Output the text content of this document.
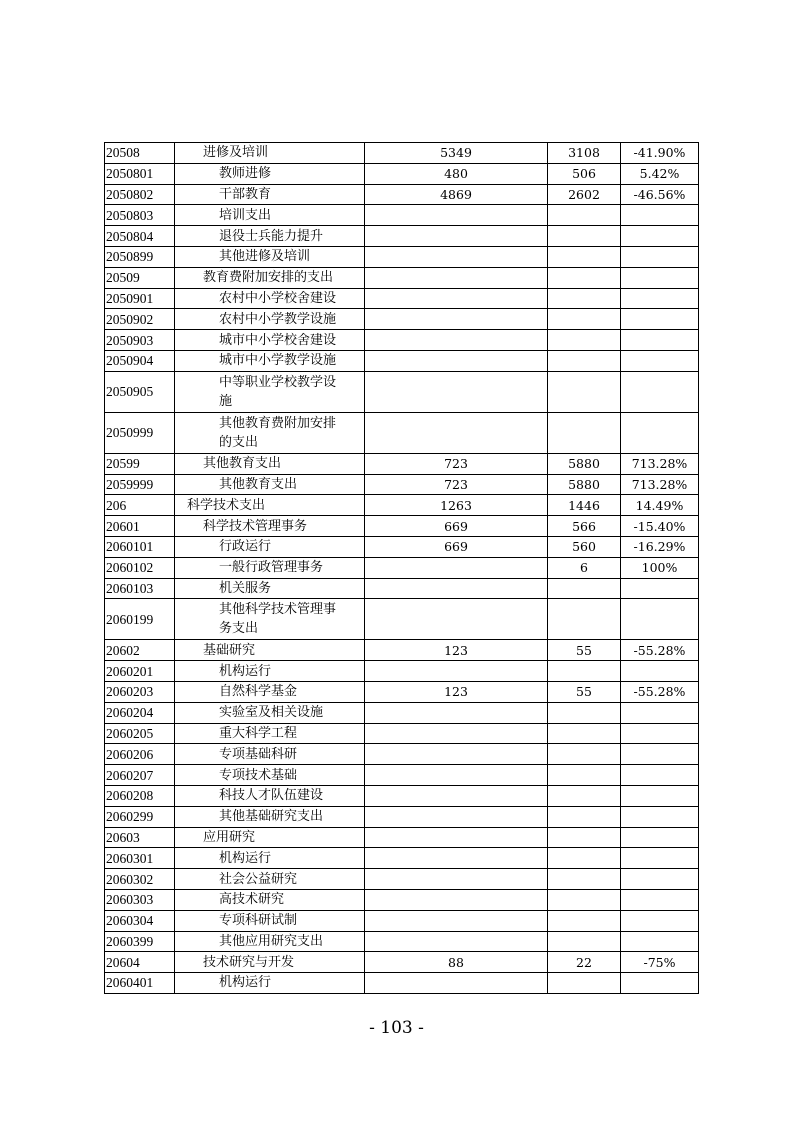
20508	进修及培训	5349	3108	-41.90%
2050801	教师进修	480	506	5.42%
2050802	干部教育	4869	2602	-46.56%
2050803	培训支出			
2050804	退役士兵能力提升			
2050899	其他进修及培训			
20509	教育费附加安排的支出			
2050901	农村中小学校舍建设			
2050902	农村中小学教学设施			
2050903	城市中小学校舍建设			
2050904	城市中小学教学设施			
2050905	中等职业学校教学设施			
2050999	其他教育费附加安排的支出			
20599	其他教育支出	723	5880	713.28%
2059999	其他教育支出	723	5880	713.28%
206	科学技术支出	1263	1446	14.49%
20601	科学技术管理事务	669	566	-15.40%
2060101	行政运行	669	560	-16.29%
2060102	一般行政管理事务		6	100%
2060103	机关服务			
2060199	其他科学技术管理事务支出			
20602	基础研究	123	55	-55.28%
2060201	机构运行			
2060203	自然科学基金	123	55	-55.28%
2060204	实验室及相关设施			
2060205	重大科学工程			
2060206	专项基础科研			
2060207	专项技术基础			
2060208	科技人才队伍建设			
2060299	其他基础研究支出			
20603	应用研究			
2060301	机构运行			
2060302	社会公益研究			
2060303	高技术研究			
2060304	专项科研试制			
2060399	其他应用研究支出			
20604	技术研究与开发	88	22	-75%
2060401	机构运行			
- 103 -
